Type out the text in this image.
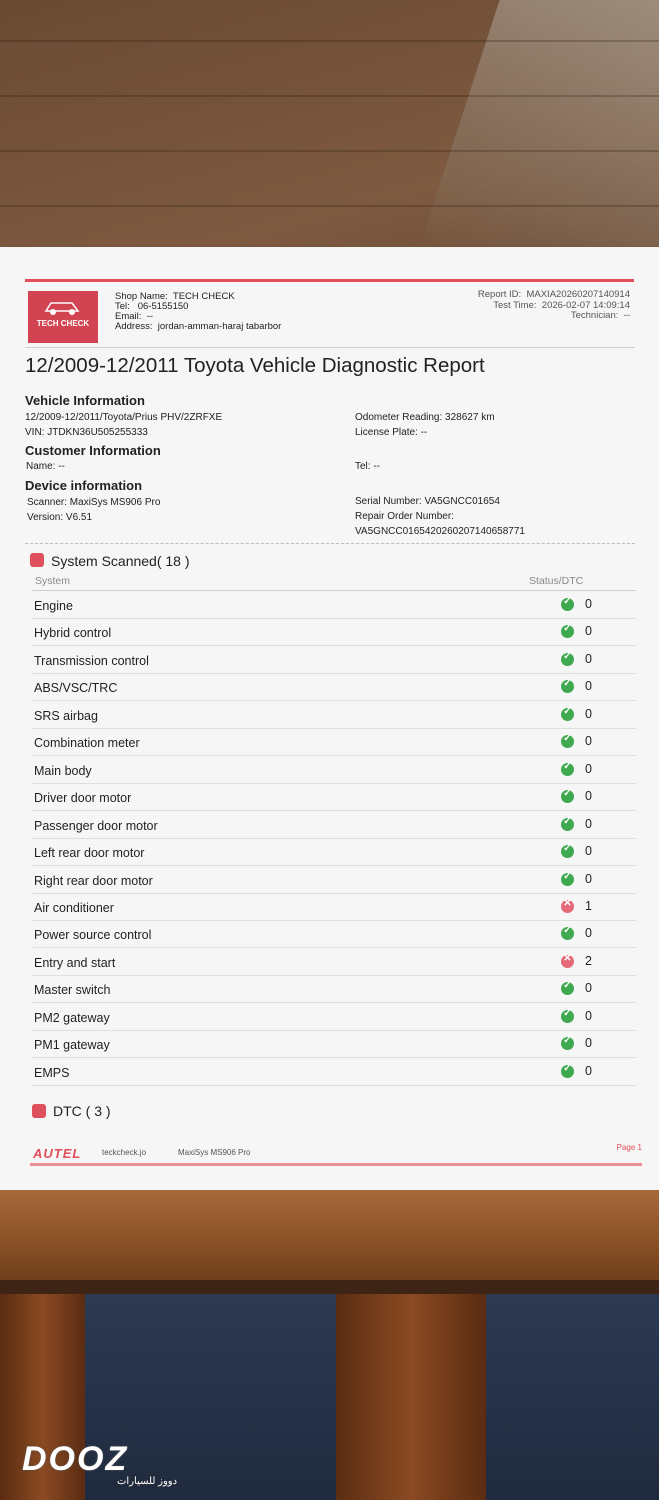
TECH CHECK
Shop Name: TECH CHECK
Tel: 06-5155150
Email: --
Address: jordan-amman-haraj tabarbor
Report ID: MAXIA20260207140914
Test Time: 2026-02-07 14:09:14
Technician: --
12/2009-12/2011 Toyota Vehicle Diagnostic Report
Vehicle Information
12/2009-12/2011/Toyota/Prius PHV/2ZRFXE
VIN: JTDKN36U505255333
Odometer Reading: 328627 km
License Plate: --
Customer Information
Name: --	Tel: --
Device information
Scanner: MaxiSys MS906 Pro
Version: V6.51
Serial Number: VA5GNCC01654
Repair Order Number:
VA5GNCC0165420260207140658771
System Scanned( 18 )
System	Status/DTC
Engine	✓ 0
Hybrid control	✓ 0
Transmission control	✓ 0
ABS/VSC/TRC	✓ 0
SRS airbag	✓ 0
Combination meter	✓ 0
Main body	✓ 0
Driver door motor	✓ 0
Passenger door motor	✓ 0
Left rear door motor	✓ 0
Right rear door motor	✓ 0
Air conditioner	✕ 1
Power source control	✓ 0
Entry and start	✕ 2
Master switch	✓ 0
PM2 gateway	✓ 0
PM1 gateway	✓ 0
EMPS	✓ 0
DTC ( 3 )
AUTEL	teckcheck.jo	MaxiSys MS906 Pro
Page 1
DOOZ
دووز للسيارات
